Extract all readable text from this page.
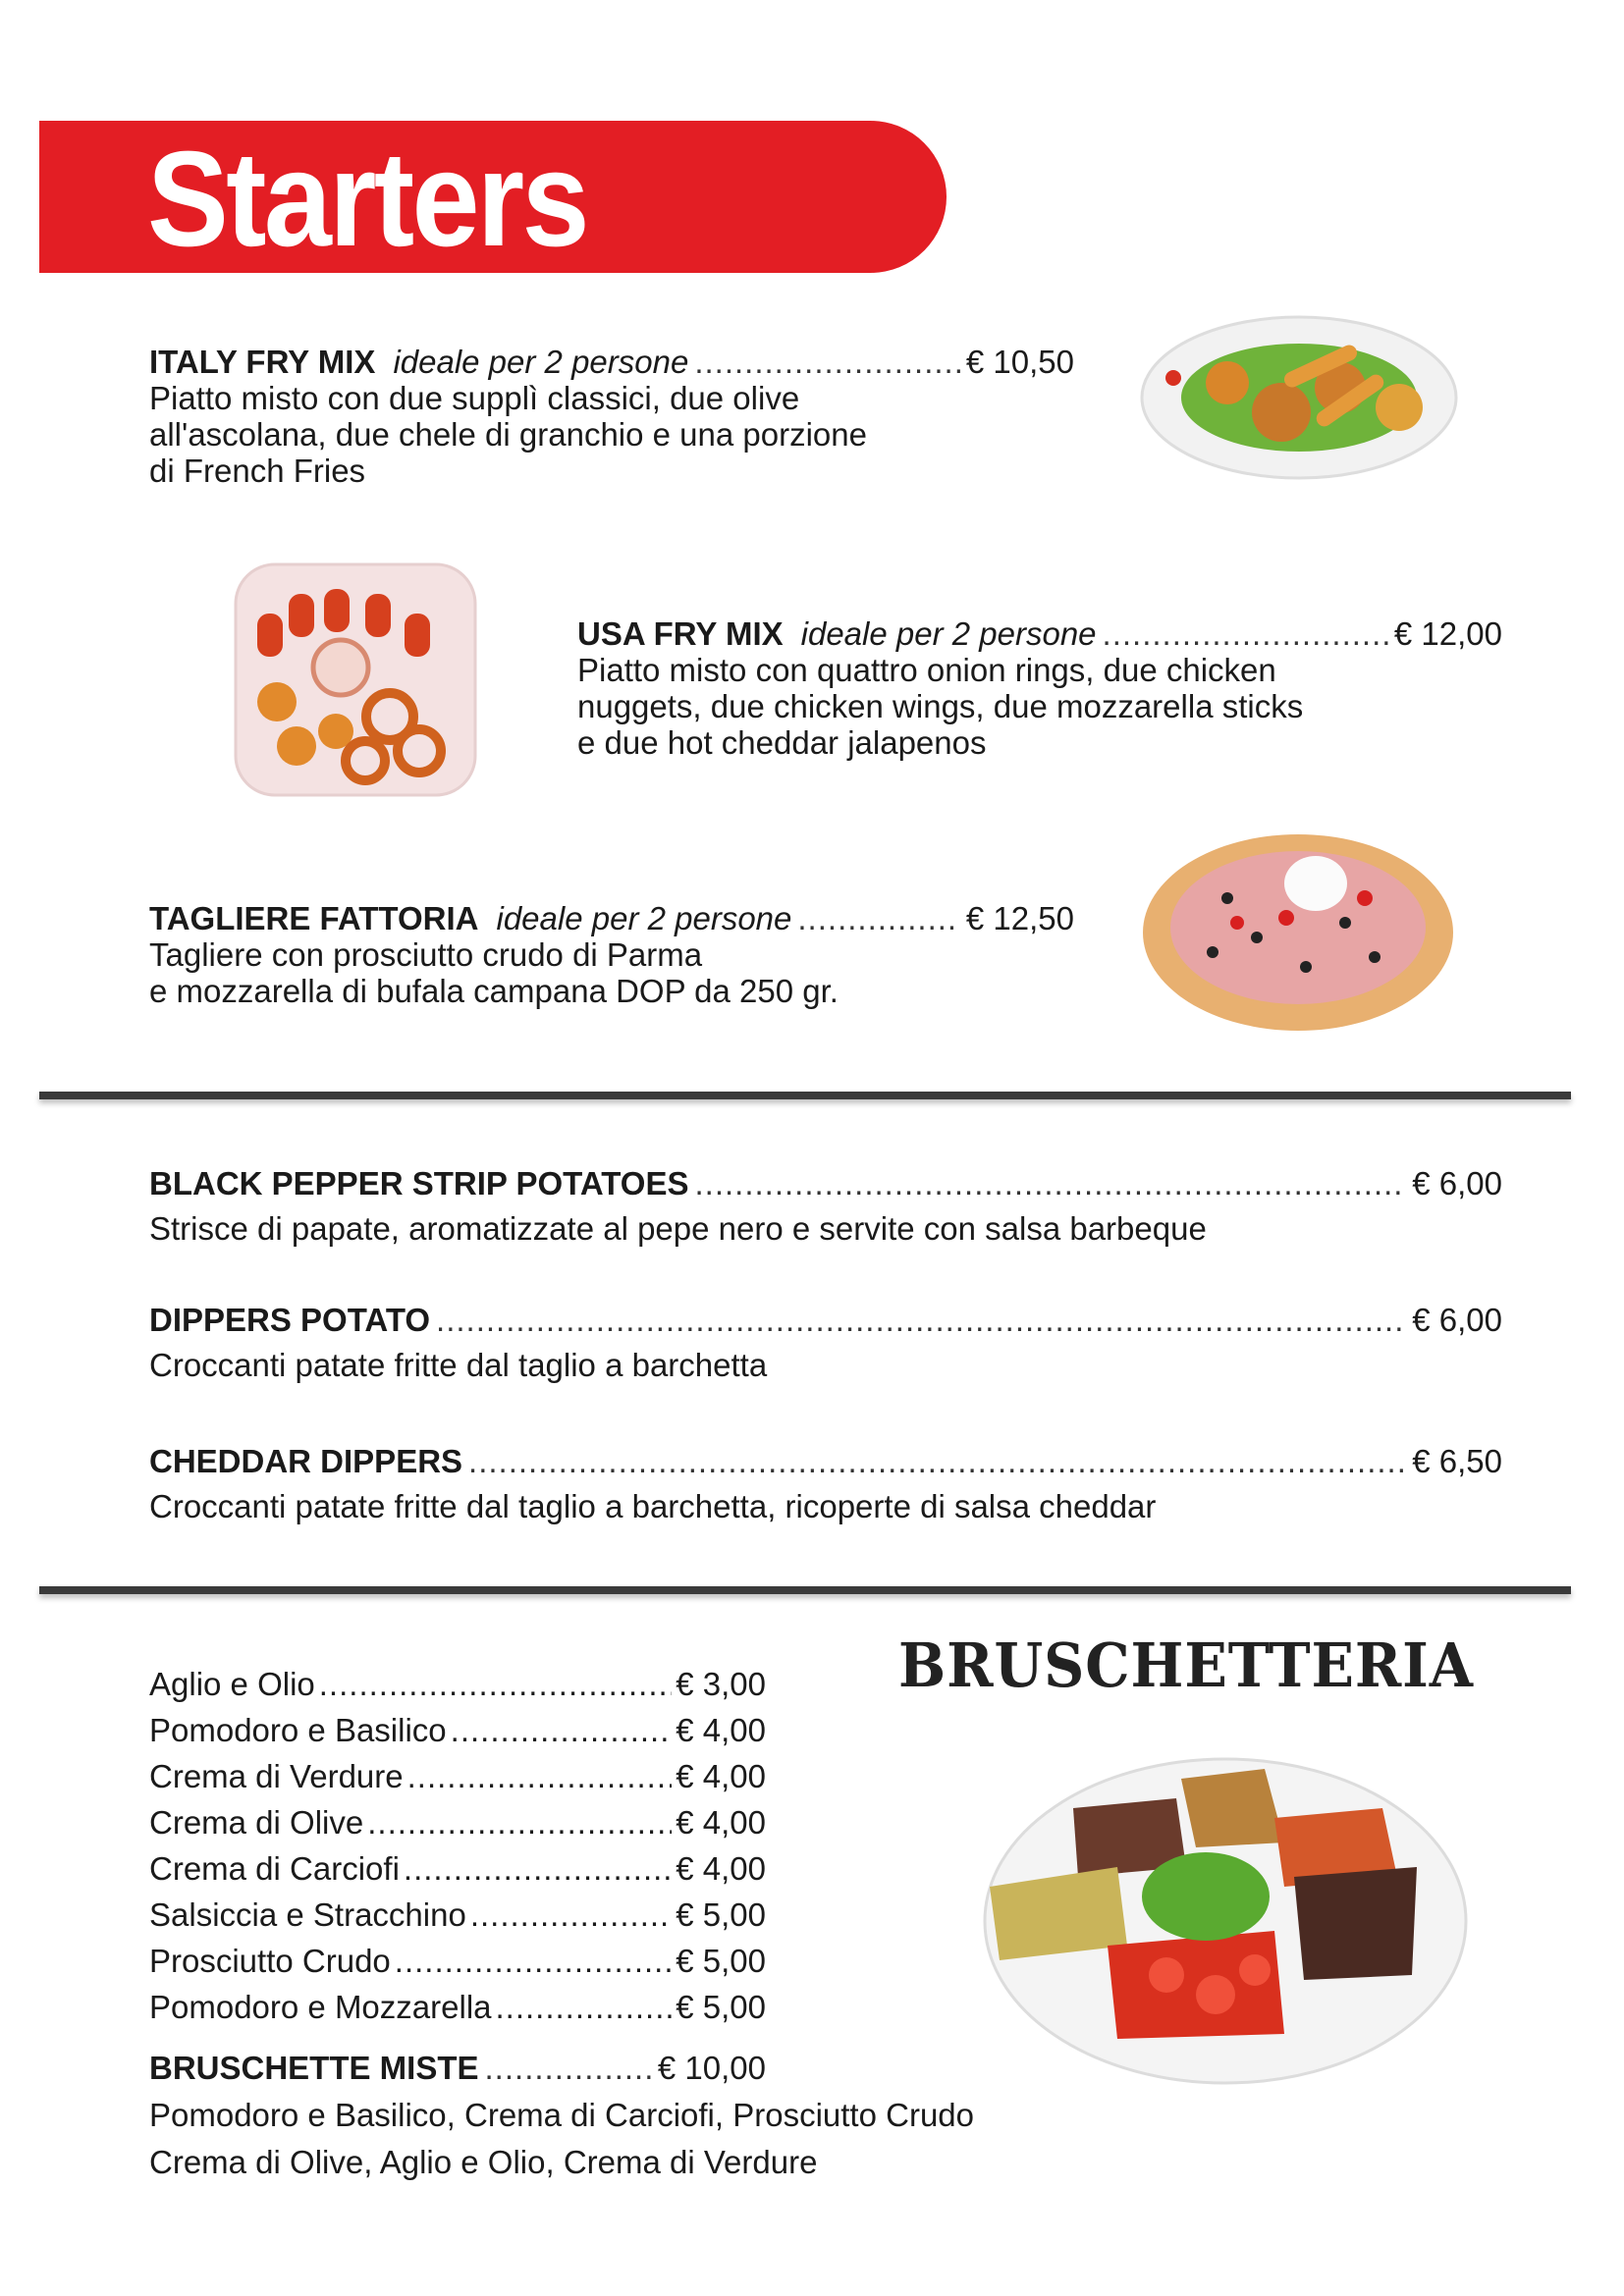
Starters
ITALY FRY MIX ideale per 2 persone .....	€ 10,50
Piatto misto con due supplì classici, due olive
all'ascolana, due chele di granchio e una porzione
di French Fries
USA FRY MIX ideale per 2 persone .....	€ 12,00
Piatto misto con quattro onion rings, due chicken
nuggets, due chicken wings, due mozzarella sticks
e due hot cheddar jalapenos
TAGLIERE FATTORIA ideale per 2 persone .....	€ 12,50
Tagliere con prosciutto crudo di Parma
e mozzarella di bufala campana DOP da 250 gr.
BLACK PEPPER STRIP POTATOES .....	€ 6,00
Strisce di papate, aromatizzate al pepe nero e servite con salsa barbeque
DIPPERS POTATO .....	€ 6,00
Croccanti patate fritte dal taglio a barchetta
CHEDDAR DIPPERS .....	€ 6,50
Croccanti patate fritte dal taglio a barchetta, ricoperte di salsa cheddar
BRUSCHETTERIA
Aglio e Olio .....	€ 3,00
Pomodoro e Basilico .....	€ 4,00
Crema di Verdure .....	€ 4,00
Crema di Olive .....	€ 4,00
Crema di Carciofi .....	€ 4,00
Salsiccia e Stracchino .....	€ 5,00
Prosciutto Crudo .....	€ 5,00
Pomodoro e Mozzarella .....	€ 5,00
BRUSCHETTE MISTE .....	€ 10,00
Pomodoro e Basilico, Crema di Carciofi, Prosciutto Crudo
Crema di Olive, Aglio e Olio, Crema di Verdure
